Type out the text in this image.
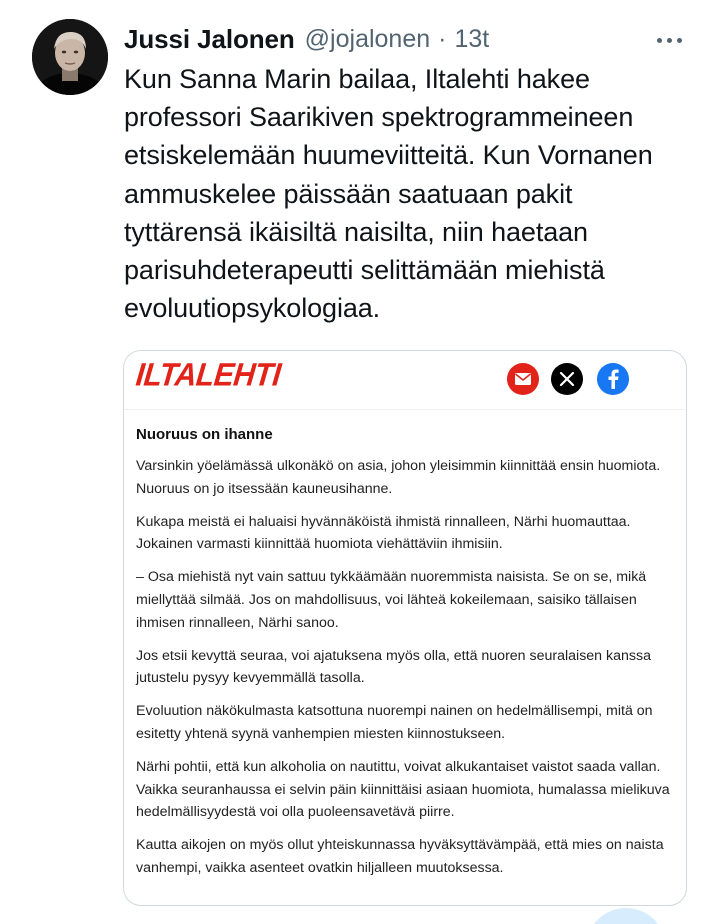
Jussi Jalonen @jojalonen · 13t
Kun Sanna Marin bailaa, Iltalehti hakee professori Saarikiven spektrogrammeineen etsiskelemään huumeviitteitä. Kun Vornanen ammuskelee päissään saatuaan pakit tyttärensä ikäisiltä naisilta, niin haetaan parisuhdeterapeutti selittämään miehistä evoluutiopsykologiaa.
ILTALEHTI
Nuoruus on ihanne

Varsinkin yöelämässä ulkonäkö on asia, johon yleisimmin kiinnittää ensin huomiota. Nuoruus on jo itsessään kauneusihanne.

Kukapa meistä ei haluaisi hyvännäköistä ihmistä rinnalleen, Närhi huomauttaa. Jokainen varmasti kiinnittää huomiota viehättäviin ihmisiin.

– Osa miehistä nyt vain sattuu tykkäämään nuoremmista naisista. Se on se, mikä miellyttää silmää. Jos on mahdollisuus, voi lähteä kokeilemaan, saisiko tällaisen ihmisen rinnalleen, Närhi sanoo.

Jos etsii kevyttä seuraa, voi ajatuksena myös olla, että nuoren seuralaisen kanssa jutustelu pysyy kevyemmällä tasolla.

Evoluution näkökulmasta katsottuna nuorempi nainen on hedelmällisempi, mitä on esitetty yhtenä syynä vanhempien miesten kiinnostukseen.

Närhi pohtii, että kun alkoholia on nautittu, voivat alkukantaiset vaistot saada vallan. Vaikka seuranhaussa ei selvin päin kiinnittäisi asiaan huomiota, humalassa mielikuva hedelmällisyydestä voi olla puoleensavetävä piirre.

Kautta aikojen on myös ollut yhteiskunnassa hyväksyttävämpää, että mies on naista vanhempi, vaikka asenteet ovatkin hiljalleen muutoksessa.
